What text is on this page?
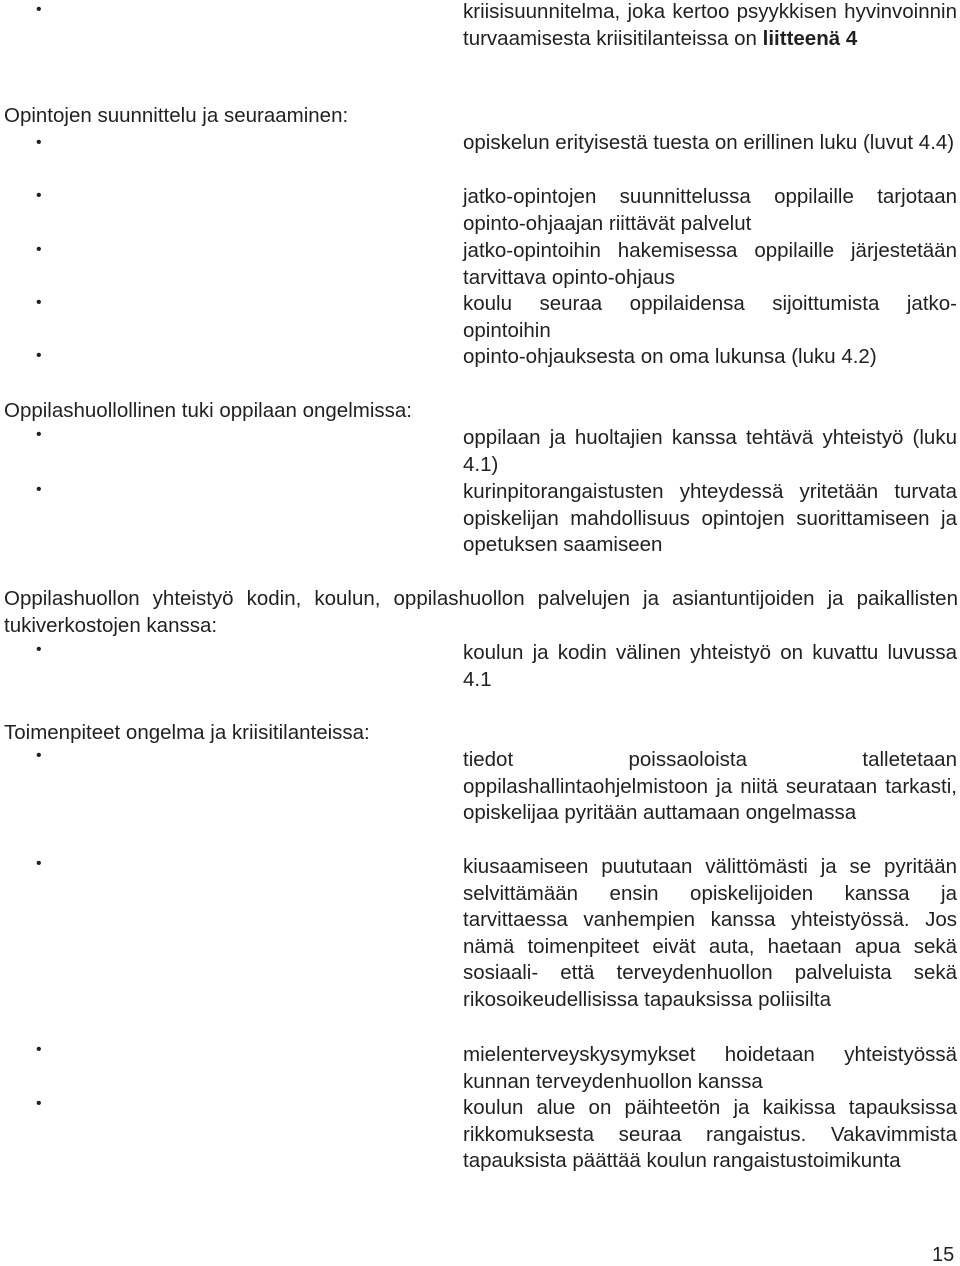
•	kriisisuunnitelma, joka kertoo psyykkisen hyvinvoinnin turvaamisesta kriisitilanteissa on liitteenä 4
Opintojen suunnittelu ja seuraaminen:
•	opiskelun erityisestä tuesta on erillinen luku (luvut 4.4)
•	jatko-opintojen suunnittelussa oppilaille tarjotaan opinto-ohjaajan riittävät palvelut
•	jatko-opintoihin hakemisessa oppilaille järjestetään tarvittava opinto-ohjaus
•	koulu seuraa oppilaidensa sijoittumista jatko-opintoihin
•	opinto-ohjauksesta on oma lukunsa (luku 4.2)
Oppilashuollollinen tuki oppilaan ongelmissa:
•	oppilaan ja huoltajien kanssa tehtävä yhteistyö (luku 4.1)
•	kurinpitorangaistusten yhteydessä yritetään turvata opiskelijan mahdollisuus opintojen suorittamiseen ja opetuksen saamiseen
Oppilashuollon yhteistyö kodin, koulun, oppilashuollon palvelujen ja asiantuntijoiden ja paikallisten tukiverkostojen kanssa:
•	koulun ja kodin välinen yhteistyö on kuvattu luvussa 4.1
Toimenpiteet ongelma ja kriisitilanteissa:
•	tiedot poissaoloista talletetaan oppilashallintaohjelmistoon ja niitä seurataan tarkasti, opiskelijaa pyritään auttamaan ongelmassa
•	kiusaamiseen puututaan välittömästi ja se pyritään selvittämään ensin opiskelijoiden kanssa ja tarvittaessa vanhempien kanssa yhteistyössä. Jos nämä toimenpiteet eivät auta, haetaan apua sekä sosiaali- että terveydenhuollon palveluista sekä rikosoikeudellisissa tapauksissa poliisilta
•	mielenterveyskysymykset hoidetaan yhteistyössä kunnan terveydenhuollon kanssa
•	koulun alue on päihteetön ja kaikissa tapauksissa rikkomuksesta seuraa rangaistus. Vakavimmista tapauksista päättää koulun rangaistustoimikunta
15
